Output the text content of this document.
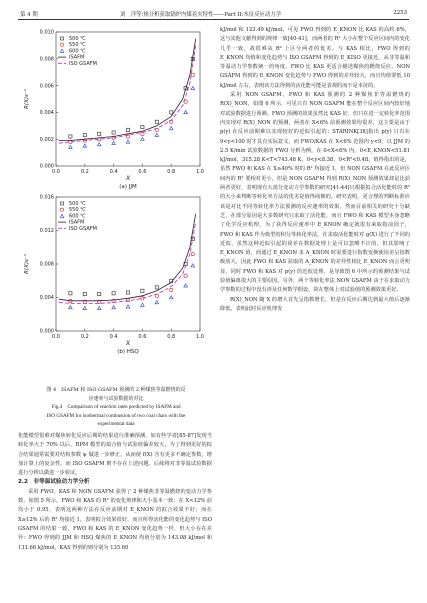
第 4 期	刘　洋等:热分析获取锅炉内煤着火特性——Part II:本征反应动力学	2253
0.0	0.2	0.4	0.6	0.8	1.0
0.000
0.002
0.004
0.006
0.008
0.010
X
R(X)s⁻¹
(a) JJM
500 ℃
550 ℃
600 ℃
ISAFM
ISO GSAFM
0.0	0.2	0.4	0.6	0.8	1.0
0.000
0.004
0.008
0.012
0.016
X
R(X)s⁻¹
(b) HSQ
500 ℃
550 ℃
600 ℃
ISAFM
ISO GSAFM
图 4　ISAFM 和 ISO GSAFM 预测的 2 种煤焦等温燃烧的反
应速率与试验数据的对比
Fig.4　Comparison of reaction rates predicted by ISAFM and
ISO GSAFM for isothermal combustion of two coal chars with the
experimental data

化能模型很难对煤焦转化反应后期的结果进行准确预测，如有些学者[85-87]发现当转化率大于 70% 以后，RPM 模型的拟合值与试验值偏差较大，为了得到更好的拟合结果通常需要对结构参数 ψ 做进一步修正，从而使 f(X) 含有更多不确定参数，增加计算上的复杂性。而 ISO GSAFM 则不存在上述问题，后续将对非等温试验数据进行分析以做进一步验证。

2.2　非等温试验动力学分析

采用 FWO、KAS 和 NON GSAFM 获得了 2 种煤焦非等温燃烧的变动力学参数，如图 5 所示。FWO 和 KAS 的 R² 的变化规律和大小基本一致：在 X<12% 前均小于 0.95，表明这两种方法在反应前期对 E_KNON 的拟合效果不好；而在 X≥12% 后的 R² 均接近 1，表明拟合效果很好，而且所得活化能的变化趋势与 ISO GSAFM 的结果一致。FWO 和 KAS 的 E_KNON 变化趋势一样，但大小存在差异：FWO 得到的 JJM 和 HSQ 煤焦的 E_KNON 均值分别为 143.08 kJ/mol 和 131.66 kJ/mol，KAS 得到的则分别为 135.60

kJ/mol 和 123.49 kJ/mol，可见 FWO 得到的 E_KNON 比 KAS 的高约 6%，这与其他文献得到的规律一致[40-41]，而两者的 R² 大小在整个反应区间内的变化几乎一致，故很难从 R² 上区分两者的优劣。与 KAS 相比，FWO 得到的 E_KNON 均值和变化趋势与 ISO GSAFM 得到的 E_KISO 更接近，从非等温和等温动力学参数统一的角度，FWO 比 KAS 更适合描述煤焦的燃烧反应。NON GSAFM 得到的 E_KNON 变化趋势与 FWO 得到的差异较大，而且均值要低 10 kJ/mol 左右，表明该方法得到的活化能可能是表观的而不是本征的。

采用 NON GSAFM、FWO 和 KAS 预测的 2 种煤焦非等温燃烧的 R(X)_NON，如图 6 所示，可见只有 NON GSAFM 能在整个反应区间内较好地对试验数据进行预测。FWO 预测的效果虽然比 KAS 好，但只在进一定转化率范围内实现对 R(X)_NON 的预测，两者在 X<6% 前预测效果均很差，这主要是由于 p(y) 在反应前期难以实现较好的近似引起的；STARINK[38]指出 p(y) 只有在 9<y<100 时才具有实际意义，而 FWO/KAS 在 X<6% 范围内 y<9。以 JJM 的 2.5 K/min 试验数据的 FWO 分析为例，在 0<X<6% 内，0<E_KNON<51.81 kJ/mol，315.28 K<T<743.48 K，0<y<8.38，0<R²<0.48。值得指出的是，虽然 FWO 和 KAS 在 X≥40% 时的 R² 均接近 1，但 NON GSAFM 在此反应区间内的 R² 要相对更小，但是 NON GSAFM 得到 R(X)_NON 预测效果却是比前两者更好，表明现有大部分变动力学参数的研究[41-44]只根据拟合活化能时的 R² 的大小来判断等转化率方法的优劣是值得商榷的。研究表明，更合理的判断标准应该是对比不同等转化率方法预测的反应速率的效果，然而目前相关的研究十分缺乏，在部分原因是大多数研究只求取了活化能，而且 FWO 和 KAS 模型本身忽略了化学反应机理，为了获得反应速率中 E_KNON 确定就很有来取指前因子，FWO 和 KAS 作为典型的积分等转化率法，在求取活化能时对 g(X) 进行了不同的近似，虽然这种近似引起的误差在数据处理上是可以忽略不计的，但其影响了 E_KNON 值，而通过 E_KNON 求 A_KNON 时需要进行指数变换使误差呈指数级放大，因此 FWO 和 KAS 获取的 A_KNON 的差异性相比 E_KNON 而言更明显，同时 FWO 和 KAS 对 p(y) 的近似处理，是导致图 6 中所示的预测结果与试验值偏离很大的主要原因。另外，两个等转化率法 NON GSAFM 由于在求取动力学参数的过程中没有涉及任何数学假设，故在整体上对试验值的预测效果更好。

R(X)_NON 随 X 的增大首先呈指数增长，但是在反应后期达到最大值后逐渐降低，表明此时反应机理发
